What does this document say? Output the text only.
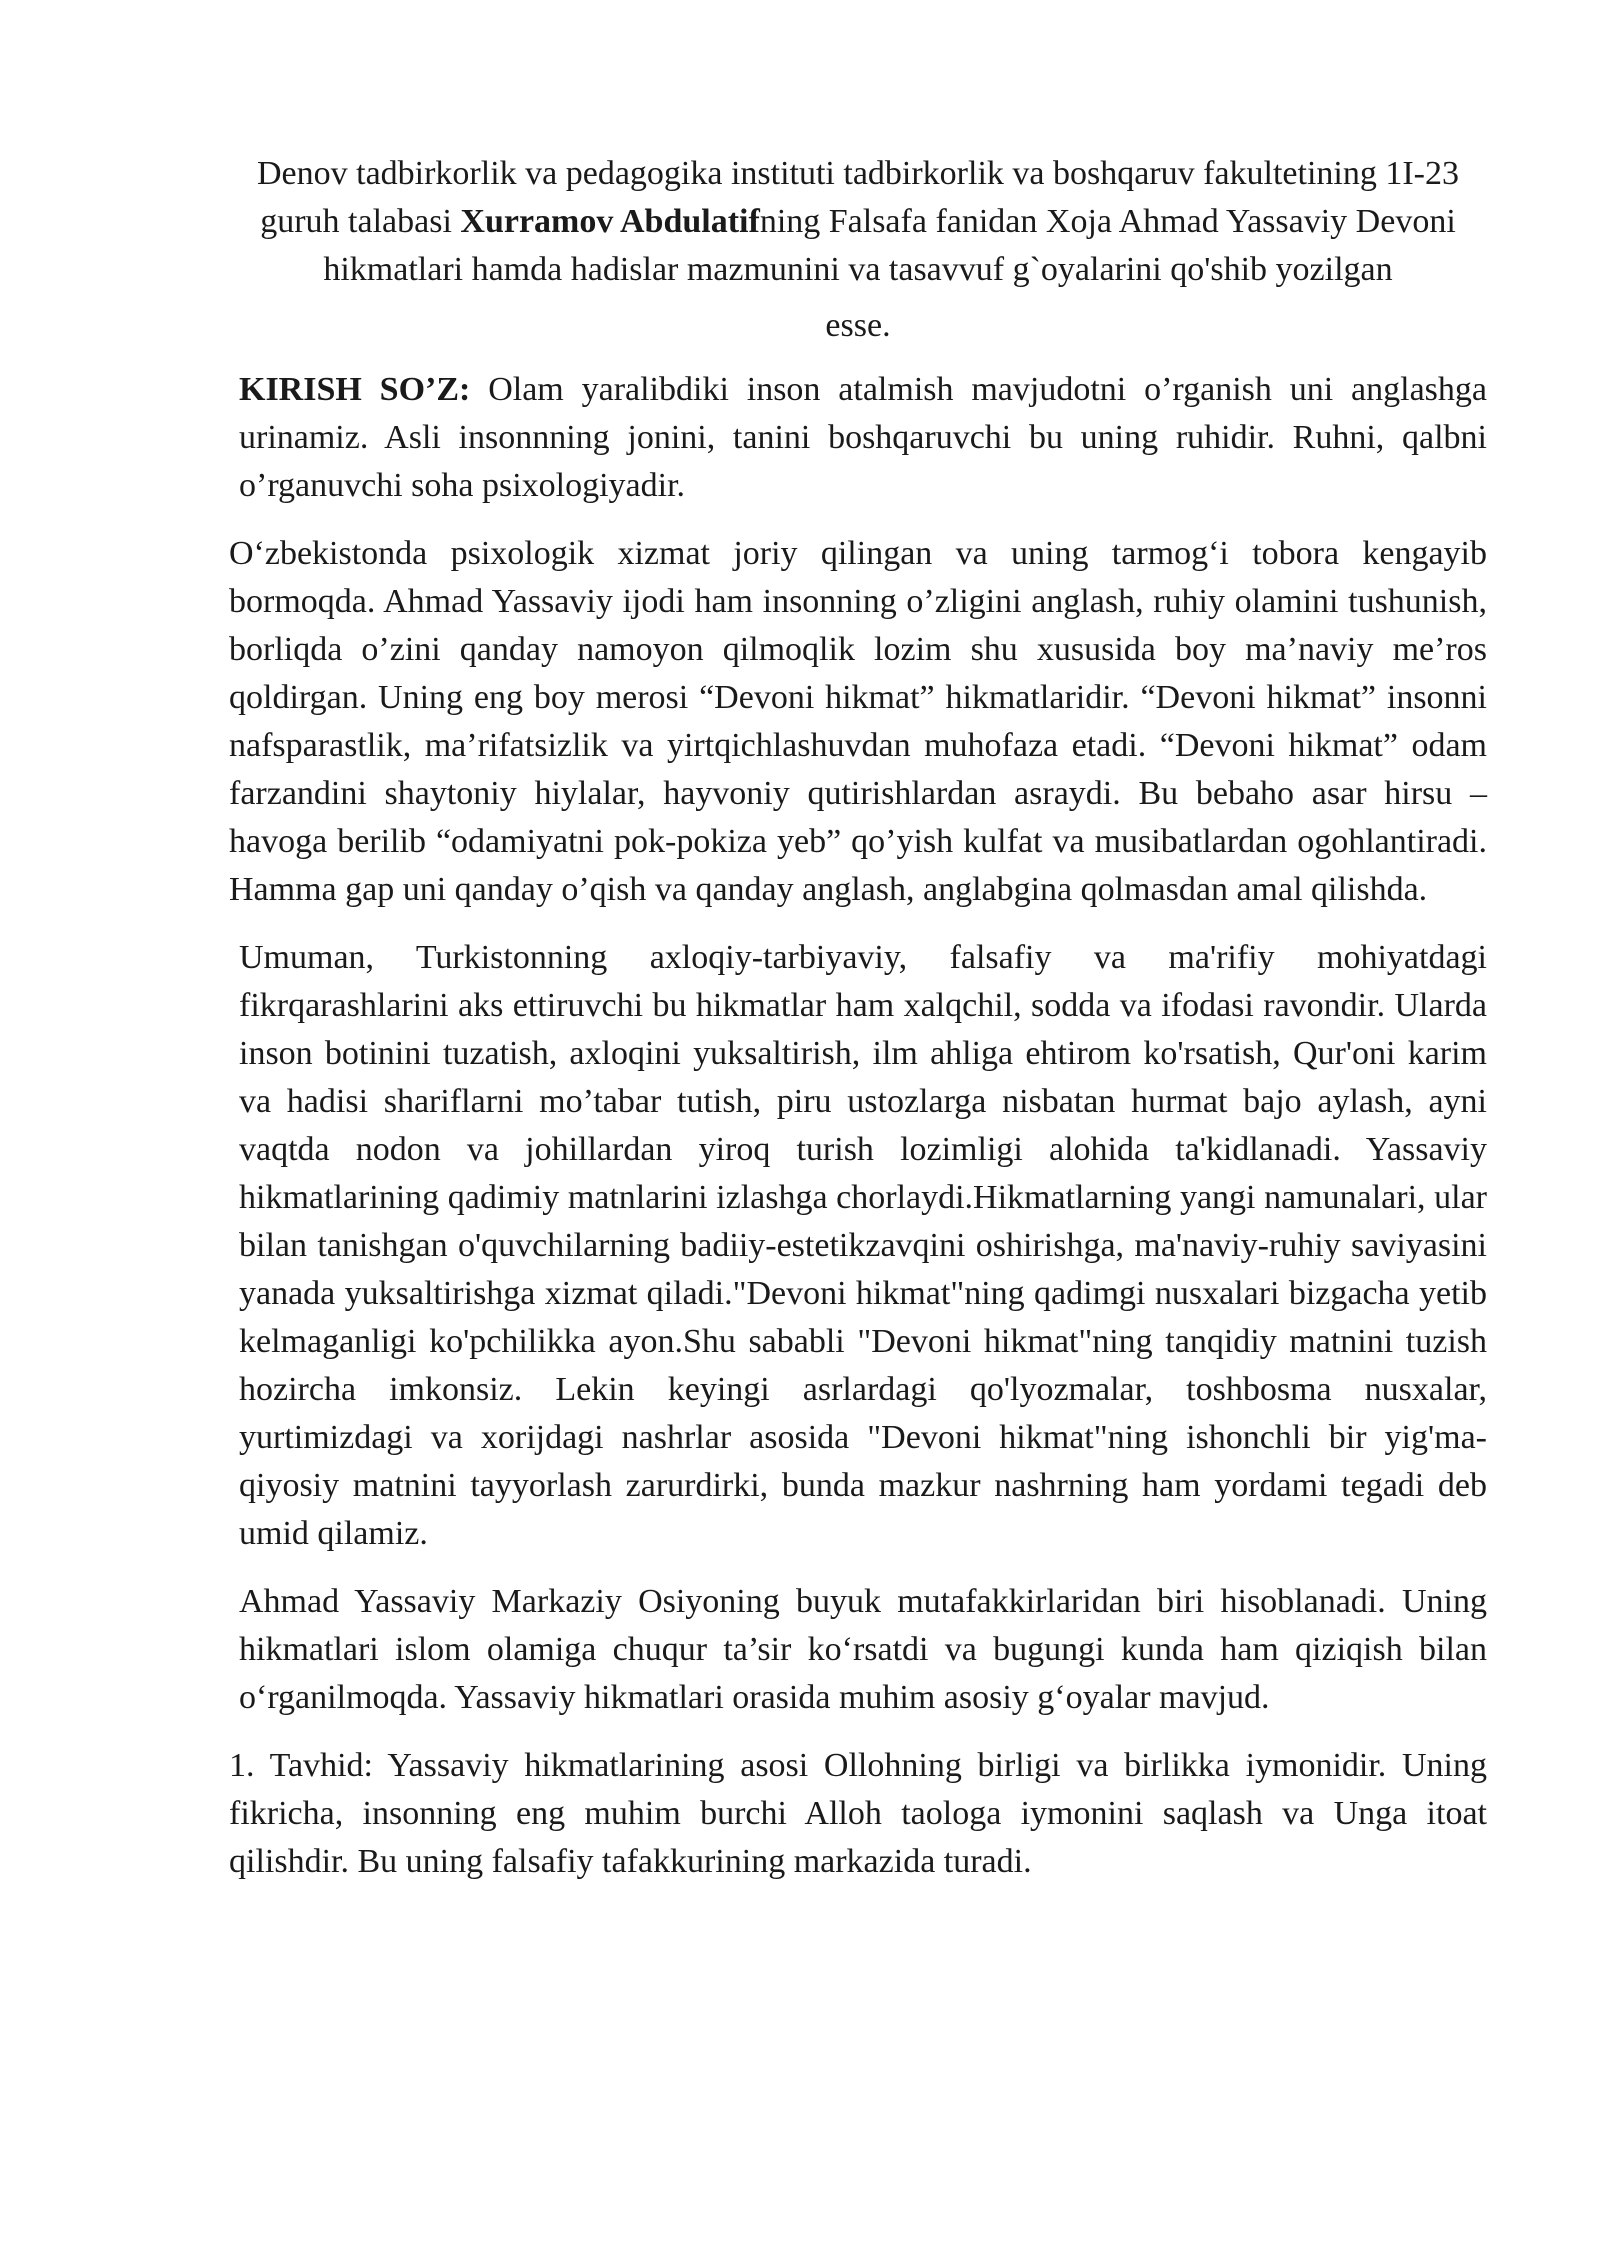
Denov tadbirkorlik va pedagogika instituti tadbirkorlik va boshqaruv fakultetining 1I-23 guruh talabasi Xurramov Abdulatifning Falsafa fanidan Xoja Ahmad Yassaviy Devoni hikmatlari hamda hadislar mazmunini va tasavvuf g`oyalarini qo'shib yozilgan
esse.

KIRISH SO’Z: Olam yaralibdiki inson atalmish mavjudotni o’rganish uni anglashga urinamiz. Asli insonnning jonini, tanini boshqaruvchi bu uning ruhidir. Ruhni, qalbni o’rganuvchi soha psixologiyadir.

O‘zbekistonda psixologik xizmat joriy qilingan va uning tarmog‘i tobora kengayib bormoqda. Ahmad Yassaviy ijodi ham insonning o’zligini anglash, ruhiy olamini tushunish, borliqda o’zini qanday namoyon qilmoqlik lozim shu xususida boy ma’naviy me’ros qoldirgan. Uning eng boy merosi “Devoni hikmat” hikmatlaridir. “Devoni hikmat” insonni nafsparastlik, ma’rifatsizlik va yirtqichlashuvdan muhofaza etadi. “Devoni hikmat” odam farzandini shaytoniy hiylalar, hayvoniy qutirishlardan asraydi. Bu bebaho asar hirsu – havoga berilib “odamiyatni pok-pokiza yeb” qo’yish kulfat va musibatlardan ogohlantiradi. Hamma gap uni qanday o’qish va qanday anglash, anglabgina qolmasdan amal qilishda.

Umuman, Turkistonning axloqiy-tarbiyaviy, falsafiy va ma'rifiy mohiyatdagi fikrqarashlarini aks ettiruvchi bu hikmatlar ham xalqchil, sodda va ifodasi ravondir. Ularda inson botinini tuzatish, axloqini yuksaltirish, ilm ahliga ehtirom ko'rsatish, Qur'oni karim va hadisi shariflarni mo’tabar tutish, piru ustozlarga nisbatan hurmat bajo aylash, ayni vaqtda nodon va johillardan yiroq turish lozimligi alohida ta'kidlanadi. Yassaviy hikmatlarining qadimiy matnlarini izlashga chorlaydi.Hikmatlarning yangi namunalari, ular bilan tanishgan o'quvchilarning badiiy-estetikzavqini oshirishga, ma'naviy-ruhiy saviyasini yanada yuksaltirishga xizmat qiladi."Devoni hikmat"ning qadimgi nusxalari bizgacha yetib kelmaganligi ko'pchilikka ayon.Shu sababli "Devoni hikmat"ning tanqidiy matnini tuzish hozircha imkonsiz. Lekin keyingi asrlardagi qo'lyozmalar, toshbosma nusxalar, yurtimizdagi va xorijdagi nashrlar asosida "Devoni hikmat"ning ishonchli bir yig'ma-qiyosiy matnini tayyorlash zarurdirki, bunda mazkur nashrning ham yordami tegadi deb umid qilamiz.

Ahmad Yassaviy Markaziy Osiyoning buyuk mutafakkirlaridan biri hisoblanadi. Uning hikmatlari islom olamiga chuqur ta’sir ko‘rsatdi va bugungi kunda ham qiziqish bilan o‘rganilmoqda. Yassaviy hikmatlari orasida muhim asosiy g‘oyalar mavjud.

1. Tavhid: Yassaviy hikmatlarining asosi Ollohning birligi va birlikka iymonidir. Uning fikricha, insonning eng muhim burchi Alloh taologa iymonini saqlash va Unga itoat qilishdir. Bu uning falsafiy tafakkurining markazida turadi.
